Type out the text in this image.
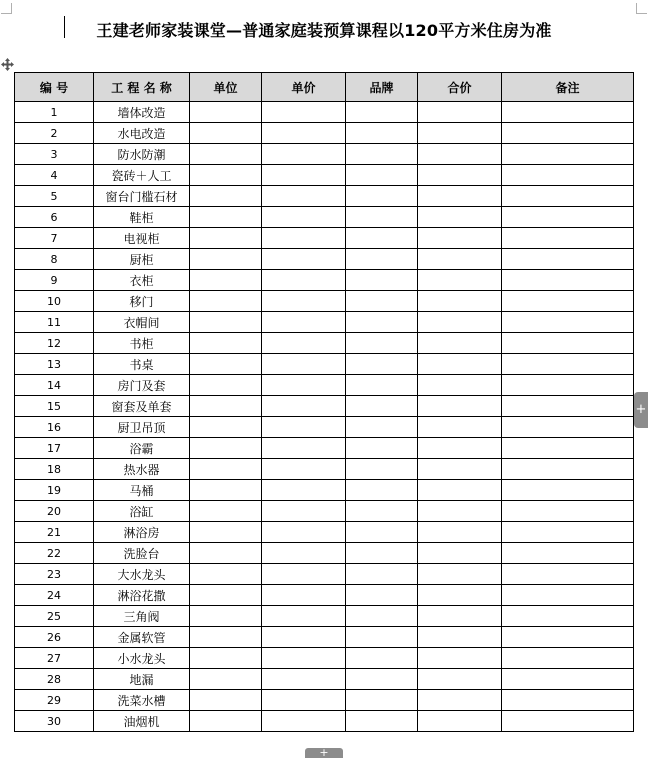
王建老师家装课堂—普通家庭装预算课程以120平方米住房为准
编 号	工 程 名 称	单位	单价	品牌	合价	备注
1	墙体改造					
2	水电改造					
3	防水防潮					
4	瓷砖＋人工					
5	窗台门槛石材					
6	鞋柜					
7	电视柜					
8	厨柜					
9	衣柜					
10	移门					
11	衣帽间					
12	书柜					
13	书桌					
14	房门及套					
15	窗套及单套					
16	厨卫吊顶					
17	浴霸					
18	热水器					
19	马桶					
20	浴缸					
21	淋浴房					
22	洗脸台					
23	大水龙头					
24	淋浴花撒					
25	三角阀					
26	金属软管					
27	小水龙头					
28	地漏					
29	洗菜水槽					
30	油烟机					
+
+
